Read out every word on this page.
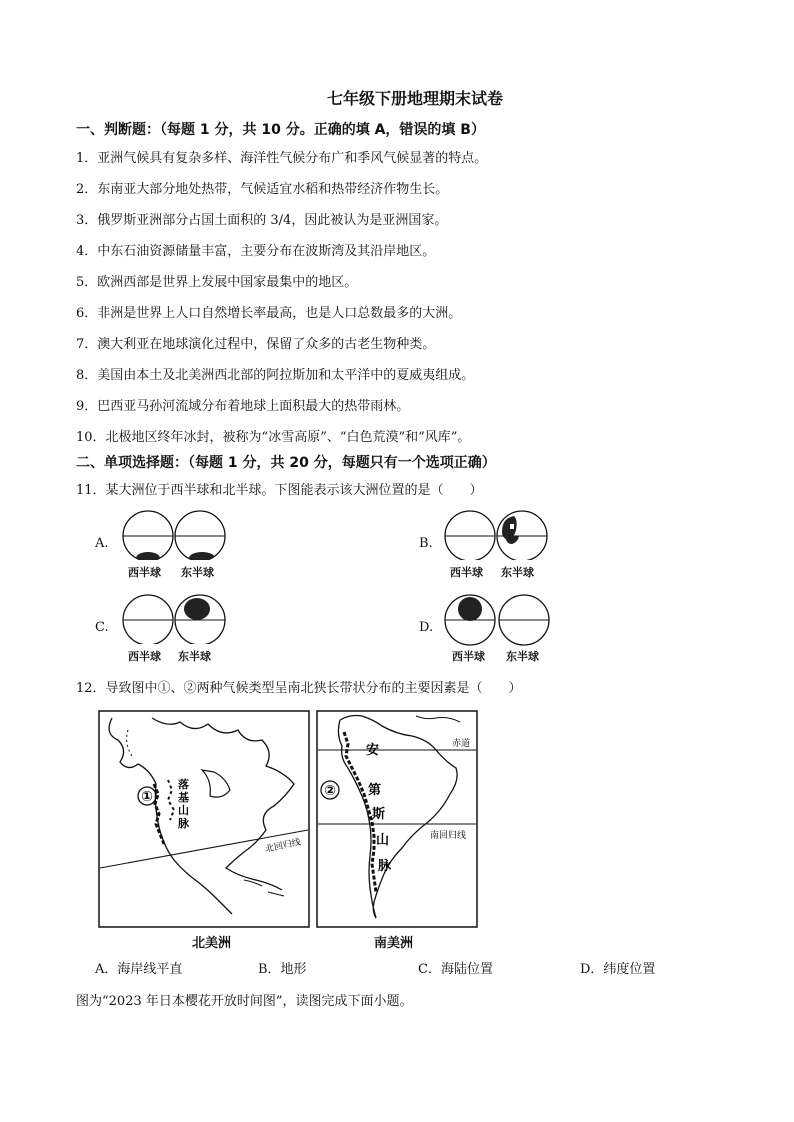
七年级下册地理期末试卷
一、判断题：（每题 1 分，共 10 分。正确的填 A，错误的填 B）
1．亚洲气候具有复杂多样、海洋性气候分布广和季风气候显著的特点。
2．东南亚大部分地处热带，气候适宜水稻和热带经济作物生长。
3．俄罗斯亚洲部分占国土面积的 3/4，因此被认为是亚洲国家。
4．中东石油资源储量丰富，主要分布在波斯湾及其沿岸地区。
5．欧洲西部是世界上发展中国家最集中的地区。
6．非洲是世界上人口自然增长率最高，也是人口总数最多的大洲。
7．澳大利亚在地球演化过程中，保留了众多的古老生物种类。
8．美国由本土及北美洲西北部的阿拉斯加和太平洋中的夏威夷组成。
9．巴西亚马孙河流域分布着地球上面积最大的热带雨林。
10．北极地区终年冰封，被称为“冰雪高原”、“白色荒漠”和“风库”。
二、单项选择题：（每题 1 分，共 20 分，每题只有一个选项正确）
11．某大洲位于西半球和北半球。下图能表示该大洲位置的是（　　）
A.
西半球 东半球
B.
西半球 东半球
C.
西半球 东半球
D.
西半球 东半球
12．导致图中①、②两种气候类型呈南北狭长带状分布的主要因素是（　　）
①
落
基
山
脉
北回归线
北美洲
②
安
第
斯
山
脉
赤道
南回归线
南美洲
A．海岸线平直	B．地形	C．海陆位置	D．纬度位置
图为“2023 年日本樱花开放时间图”，读图完成下面小题。
